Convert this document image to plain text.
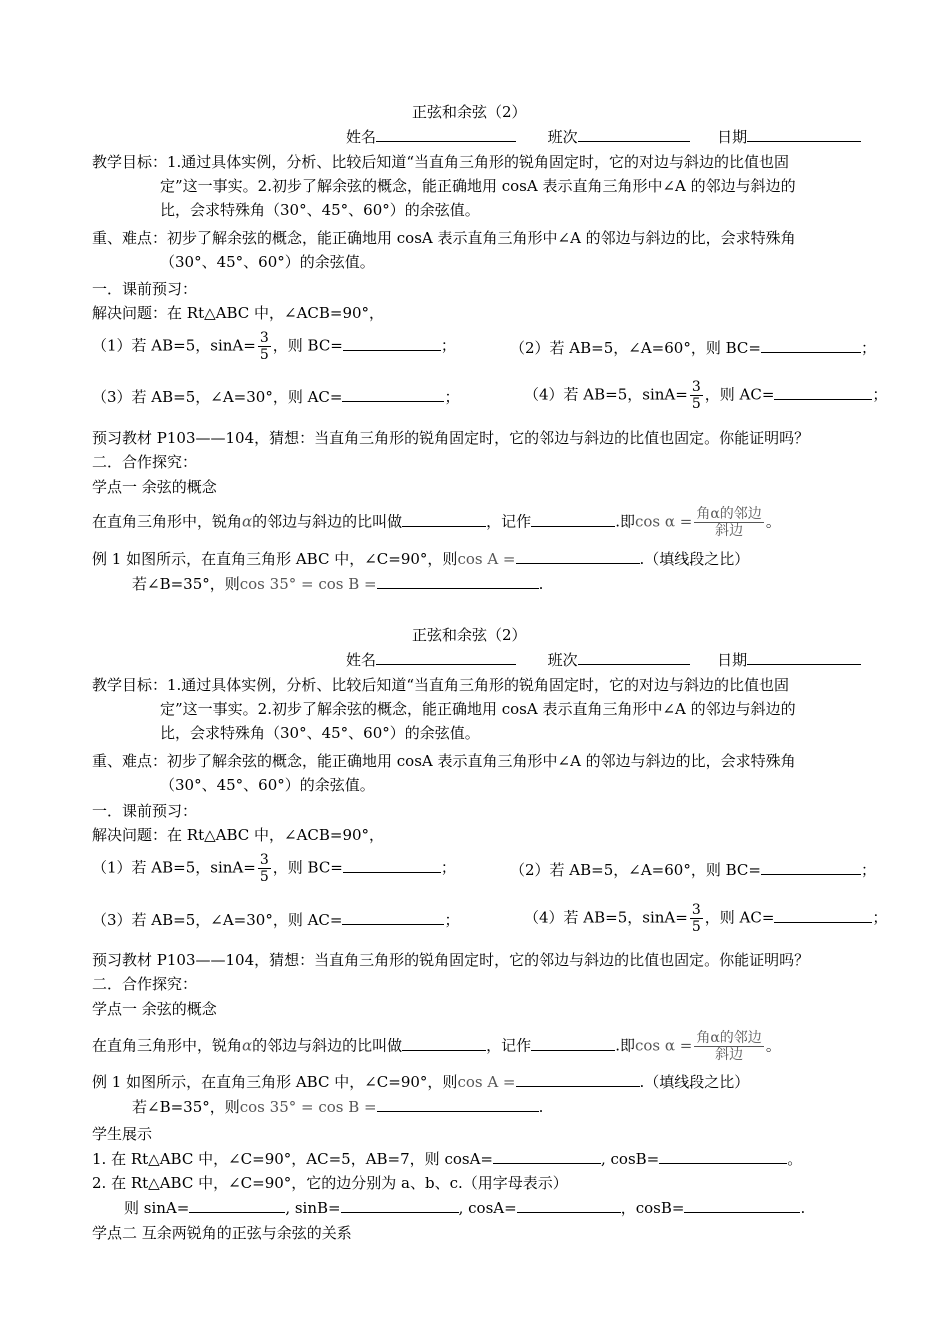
正弦和余弦（2）
姓名	班次	日期
教学目标：1.通过具体实例，分析、比较后知道“当直角三角形的锐角固定时，它的对边与斜边的比值也固
定”这一事实。2.初步了解余弦的概念，能正确地用 cosA 表示直角三角形中∠A 的邻边与斜边的
比，会求特殊角（30°、45°、60°）的余弦值。
重、难点：初步了解余弦的概念，能正确地用 cosA 表示直角三角形中∠A 的邻边与斜边的比，会求特殊角
（30°、45°、60°）的余弦值。
一．课前预习：
解决问题：在 Rt△ABC 中，∠ACB=90°，
（1）若 AB=5，$\sin A= \frac{3}{5}$ ，则 BC=	；	（2）若 AB=5，∠A=60°，则 BC=	；
（3）若 AB=5，∠A=30°，则 AC=	；	（4）若 AB=5，$\sin A= \frac{3}{5}$ ，则 AC=	；
预习教材 P103——104，猜想：当直角三角形的锐角固定时，它的邻边与斜边的比值也固定。你能证明吗？
二．合作探究：
学点一 余弦的概念
在直角三角形中，锐角α的邻边与斜边的比叫做	，记作	.即$\cos \alpha = \frac{\text{角α的邻边}}{\text{斜边}}$ 。
例 1 如图所示，在直角三角形 ABC 中，∠C=90°，则cos A =	.（填线段之比）
若∠B=35°，则cos 35° = cos B =	.
正弦和余弦（2）
姓名	班次	日期
教学目标：1.通过具体实例，分析、比较后知道“当直角三角形的锐角固定时，它的对边与斜边的比值也固
定”这一事实。2.初步了解余弦的概念，能正确地用 cosA 表示直角三角形中∠A 的邻边与斜边的
比，会求特殊角（30°、45°、60°）的余弦值。
重、难点：初步了解余弦的概念，能正确地用 cosA 表示直角三角形中∠A 的邻边与斜边的比，会求特殊角
（30°、45°、60°）的余弦值。
一．课前预习：
解决问题：在 Rt△ABC 中，∠ACB=90°，
（1）若 AB=5，$\sin A= \frac{3}{5}$ ，则 BC=	；	（2）若 AB=5，∠A=60°，则 BC=	；
（3）若 AB=5，∠A=30°，则 AC=	；	（4）若 AB=5，$\sin A= \frac{3}{5}$ ，则 AC=	；
预习教材 P103——104，猜想：当直角三角形的锐角固定时，它的邻边与斜边的比值也固定。你能证明吗？
二．合作探究：
学点一 余弦的概念
在直角三角形中，锐角α的邻边与斜边的比叫做	，记作	.即$\cos \alpha = \frac{\text{角α的邻边}}{\text{斜边}}$ 。
例 1 如图所示，在直角三角形 ABC 中，∠C=90°，则cos A =	.（填线段之比）
若∠B=35°，则cos 35° = cos B =	.
学生展示
1. 在 Rt△ABC 中，∠C=90°，AC=5，AB=7，则 cosA=	, cosB=	。
2. 在 Rt△ABC 中，∠C=90°，它的边分别为 a、b、c.（用字母表示）
则 sinA=	, sinB=	, cosA=	，cosB=	.
学点二 互余两锐角的正弦与余弦的关系
